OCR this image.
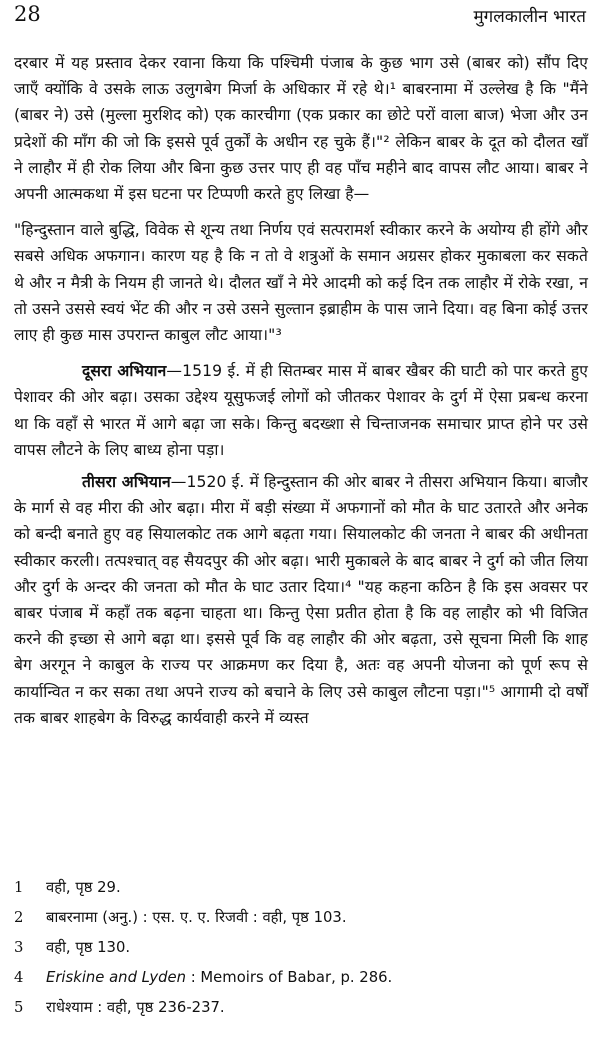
28	मुगलकालीन भारत

दरबार में यह प्रस्ताव देकर रवाना किया कि पश्चिमी पंजाब के कुछ भाग उसे (बाबर को) सौंप दिए जाएँ क्योंकि वे उसके लाऊ उलुगबेग मिर्जा के अधिकार में रहे थे।¹ बाबरनामा में उल्लेख है कि "मैंने (बाबर ने) उसे (मुल्ला मुरशिद को) एक कारचीगा (एक प्रकार का छोटे परों वाला बाज) भेजा और उन प्रदेशों की माँग की जो कि इससे पूर्व तुर्कों के अधीन रह चुके हैं।"² लेकिन बाबर के दूत को दौलत खाँ ने लाहौर में ही रोक लिया और बिना कुछ उत्तर पाए ही वह पाँच महीने बाद वापस लौट आया। बाबर ने अपनी आत्मकथा में इस घटना पर टिप्पणी करते हुए लिखा है—

"हिन्दुस्तान वाले बुद्धि, विवेक से शून्य तथा निर्णय एवं सत्परामर्श स्वीकार करने के अयोग्य ही होंगे और सबसे अधिक अफगान। कारण यह है कि न तो वे शत्रुओं के समान अग्रसर होकर मुकाबला कर सकते थे और न मैत्री के नियम ही जानते थे। दौलत खाँ ने मेरे आदमी को कई दिन तक लाहौर में रोके रखा, न तो उसने उससे स्वयं भेंट की और न उसे उसने सुल्तान इब्राहीम के पास जाने दिया। वह बिना कोई उत्तर लाए ही कुछ मास उपरान्त काबुल लौट आया।"³

दूसरा अभियान—1519 ई. में ही सितम्बर मास में बाबर खैबर की घाटी को पार करते हुए पेशावर की ओर बढ़ा। उसका उद्देश्य यूसुफजई लोगों को जीतकर पेशावर के दुर्ग में ऐसा प्रबन्ध करना था कि वहाँ से भारत में आगे बढ़ा जा सके। किन्तु बदख्शा से चिन्ताजनक समाचार प्राप्त होने पर उसे वापस लौटने के लिए बाध्य होना पड़ा।

तीसरा अभियान—1520 ई. में हिन्दुस्तान की ओर बाबर ने तीसरा अभियान किया। बाजौर के मार्ग से वह मीरा की ओर बढ़ा। मीरा में बड़ी संख्या में अफगानों को मौत के घाट उतारते और अनेक को बन्दी बनाते हुए वह सियालकोट तक आगे बढ़ता गया। सियालकोट की जनता ने बाबर की अधीनता स्वीकार करली। तत्पश्चात् वह सैयदपुर की ओर बढ़ा। भारी मुकाबले के बाद बाबर ने दुर्ग को जीत लिया और दुर्ग के अन्दर की जनता को मौत के घाट उतार दिया।⁴ "यह कहना कठिन है कि इस अवसर पर बाबर पंजाब में कहाँ तक बढ़ना चाहता था। किन्तु ऐसा प्रतीत होता है कि वह लाहौर को भी विजित करने की इच्छा से आगे बढ़ा था। इससे पूर्व कि वह लाहौर की ओर बढ़ता, उसे सूचना मिली कि शाह बेग अरगून ने काबुल के राज्य पर आक्रमण कर दिया है, अतः वह अपनी योजना को पूर्ण रूप से कार्यान्वित न कर सका तथा अपने राज्य को बचाने के लिए उसे काबुल लौटना पड़ा।"⁵ आगामी दो वर्षों तक बाबर शाहबेग के विरुद्ध कार्यवाही करने में व्यस्त

1	वही, पृष्ठ 29.
2	बाबरनामा (अनु.) : एस. ए. ए. रिजवी : वही, पृष्ठ 103.
3	वही, पृष्ठ 130.
4	Eriskine and Lyden : Memoirs of Babar, p. 286.
5	राधेश्याम : वही, पृष्ठ 236-237.
